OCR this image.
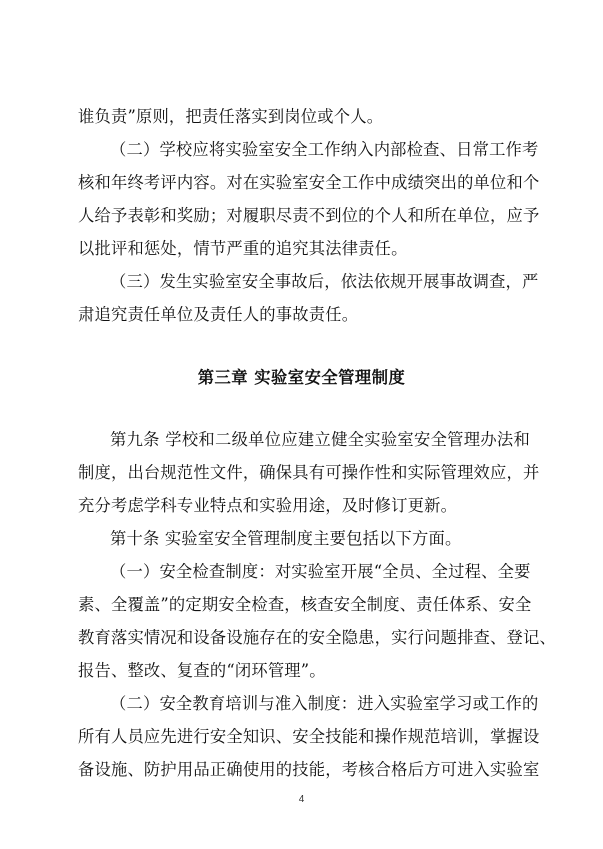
谁负责”原则，把责任落实到岗位或个人。
（二）学校应将实验室安全工作纳入内部检查、日常工作考
核和年终考评内容。对在实验室安全工作中成绩突出的单位和个
人给予表彰和奖励；对履职尽责不到位的个人和所在单位，应予
以批评和惩处，情节严重的追究其法律责任。
（三）发生实验室安全事故后，依法依规开展事故调查，严
肃追究责任单位及责任人的事故责任。
第三章 实验室安全管理制度
第九条 学校和二级单位应建立健全实验室安全管理办法和
制度，出台规范性文件，确保具有可操作性和实际管理效应，并
充分考虑学科专业特点和实验用途，及时修订更新。
第十条 实验室安全管理制度主要包括以下方面。
（一）安全检查制度：对实验室开展“全员、全过程、全要
素、全覆盖”的定期安全检查，核查安全制度、责任体系、安全
教育落实情况和设备设施存在的安全隐患，实行问题排查、登记、
报告、整改、复查的“闭环管理”。
（二）安全教育培训与准入制度：进入实验室学习或工作的
所有人员应先进行安全知识、安全技能和操作规范培训，掌握设
备设施、防护用品正确使用的技能，考核合格后方可进入实验室
4
